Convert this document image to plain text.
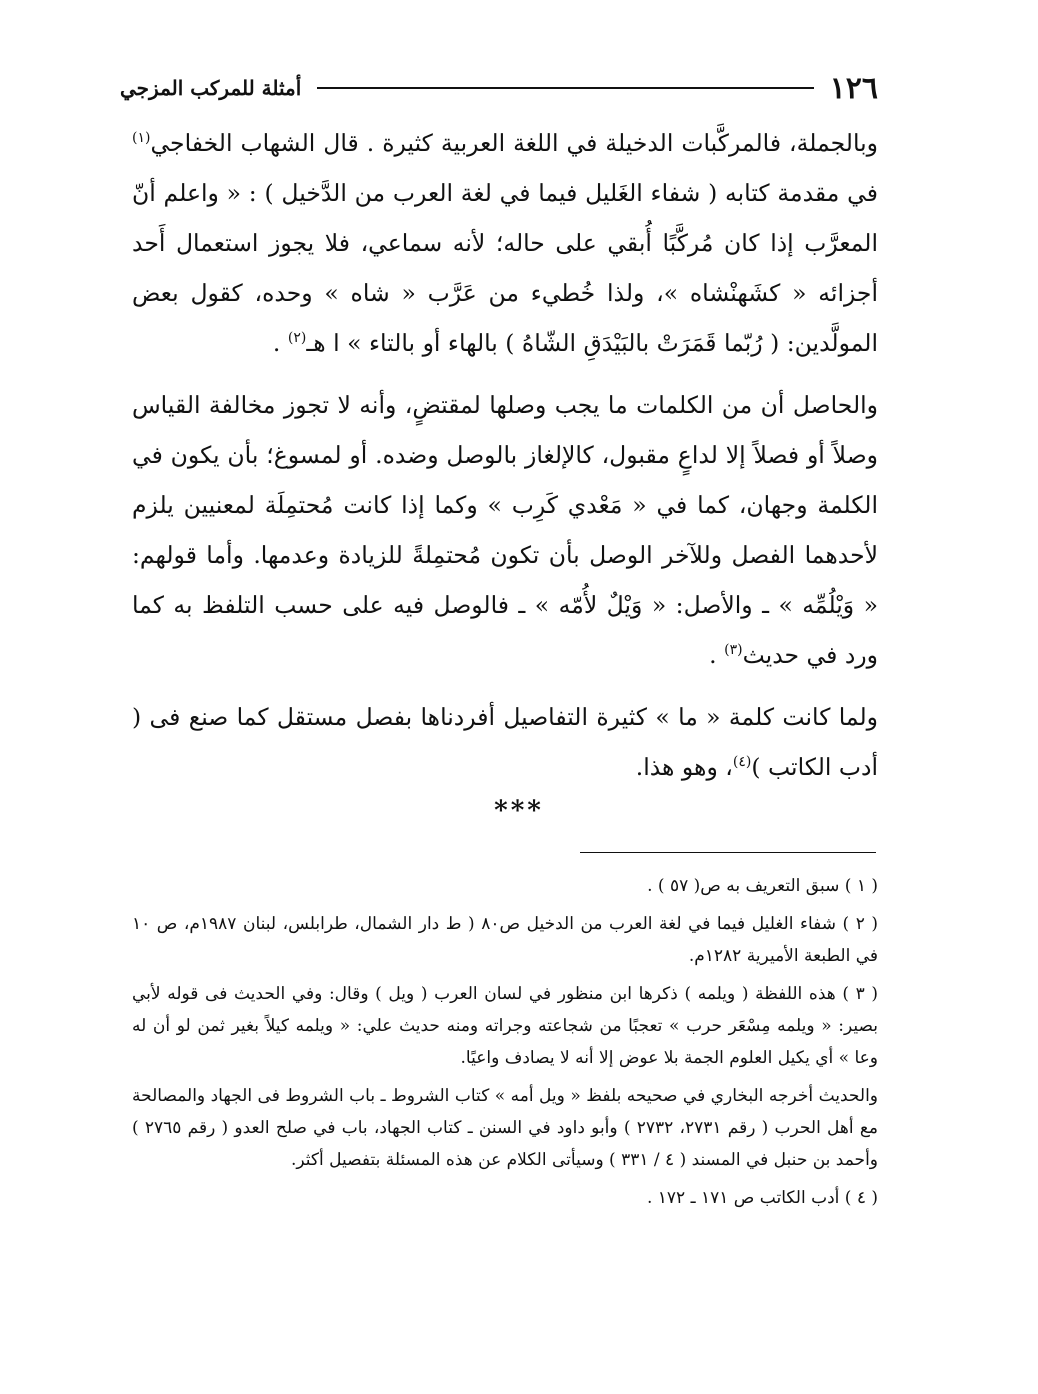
١٢٦
أمثلة للمركب المزجي

وبالجملة، فالمركَّبات الدخيلة في اللغة العربية كثيرة . قال الشهاب الخفاجي$^{(١)}$ في مقدمة كتابه ( شفاء الغَليل فيما في لغة العرب من الدَّخيل ) : « واعلم أنّ المعرَّب إذا كان مُركَّبًا أُبقي على حاله؛ لأنه سماعي، فلا يجوز استعمال أَحد أجزائه « كشَهنْشاه »، ولذا خُطيء من عَرَّب « شاه » وحده، كقول بعض المولَّدين: ( رُبّما قَمَرَتْ بالبَيْدَقِ الشّاهُ ) بالهاء أو بالتاء » ا هـ$^{(٢)}$ .

والحاصل أن من الكلمات ما يجب وصلها لمقتضٍ، وأنه لا تجوز مخالفة القياس وصلاً أو فصلاً إلا لداعٍ مقبول، كالإلغاز بالوصل وضده. أو لمسوغ؛ بأن يكون في الكلمة وجهان، كما في « مَعْدي كَرِب » وكما إذا كانت مُحتمِلَة لمعنيين يلزم لأحدهما الفصل وللآخر الوصل بأن تكون مُحتمِلةً للزيادة وعدمها. وأما قولهم: « وَيْلُمِّه » ـ والأصل: « وَيْلٌ لأُمّه » ـ فالوصل فيه على حسب التلفظ به كما ورد في حديث$^{(٣)}$ .

ولما كانت كلمة « ما » كثيرة التفاصيل أفردناها بفصل مستقل كما صنع فى ( أدب الكاتب )$^{(٤)}$، وهو هذا.

***

( ١ ) سبق التعريف به ص( ٥٧ ) .

( ٢ ) شفاء الغليل فيما في لغة العرب من الدخيل ص٨٠ ( ط دار الشمال، طرابلس، لبنان ١٩٨٧م، ص ١٠ في الطبعة الأميرية ١٢٨٢م.

( ٣ ) هذه اللفظة ( ويلمه ) ذكرها ابن منظور في لسان العرب ( ويل ) وقال: وفي الحديث فى قوله لأبي بصير: « ويلمه مِسْعَر حرب » تعجبًا من شجاعته وجراته ومنه حديث علي: « ويلمه كيلاً بغير ثمن لو أن له وعا » أي يكيل العلوم الجمة بلا عوض إلا أنه لا يصادف واعيًا.

والحديث أخرجه البخاري في صحيحه بلفظ « ويل أمه » كتاب الشروط ـ باب الشروط فى الجهاد والمصالحة مع أهل الحرب ( رقم ٢٧٣١، ٢٧٣٢ ) وأبو داود في السنن ـ كتاب الجهاد، باب في صلح العدو ( رقم ٢٧٦٥ ) وأحمد بن حنبل في المسند ( ٤ / ٣٣١ ) وسيأتى الكلام عن هذه المسئلة بتفصيل أكثر.

( ٤ ) أدب الكاتب ص ١٧١ ـ ١٧٢ .
